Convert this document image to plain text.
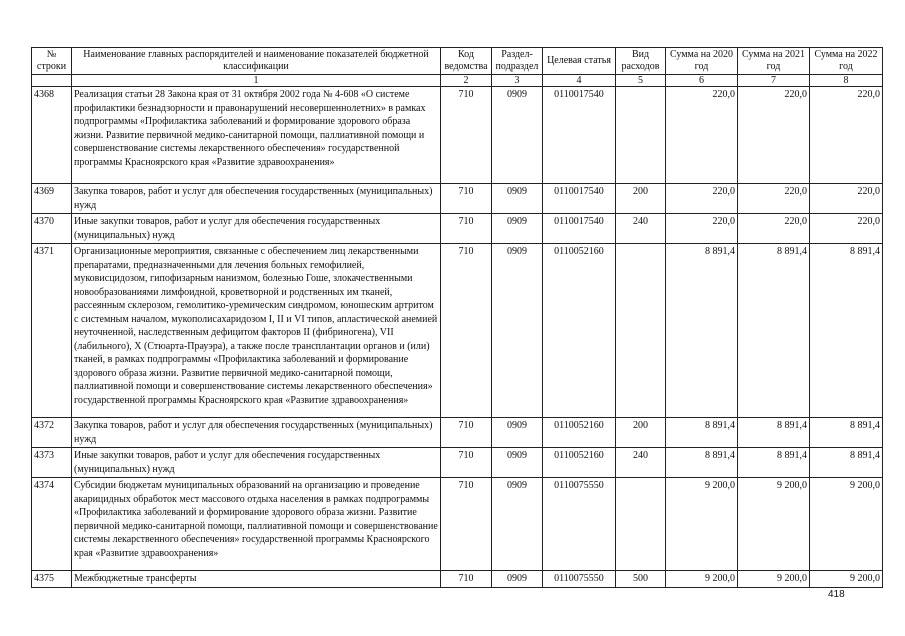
№ строки	Наименование главных распорядителей и наименование показателей бюджетной классификации	Код ведомства	Раздел-подраздел	Целевая статья	Вид расходов	Сумма на 2020 год	Сумма на 2021 год	Сумма на 2022 год
	1	2	3	4	5	6	7	8
4368	Реализация статьи 28 Закона края от 31 октября 2002 года № 4-608 «О системе профилактики безнадзорности и правонарушений несовершеннолетних» в рамках подпрограммы «Профилактика заболеваний и формирование здорового образа жизни. Развитие первичной медико-санитарной помощи, паллиативной помощи и совершенствование системы лекарственного обеспечения» государственной программы Красноярского края «Развитие здравоохранения»	710	0909	0110017540		220,0	220,0	220,0
4369	Закупка товаров, работ и услуг для обеспечения государственных (муниципальных) нужд	710	0909	0110017540	200	220,0	220,0	220,0
4370	Иные закупки товаров, работ и услуг для обеспечения государственных (муниципальных) нужд	710	0909	0110017540	240	220,0	220,0	220,0
4371	Организационные мероприятия, связанные с обеспечением лиц лекарственными препаратами, предназначенными для лечения больных гемофилией, муковисцидозом, гипофизарным нанизмом, болезнью Гоше, злокачественными новообразованиями лимфоидной, кроветворной и родственных им тканей, рассеянным склерозом, гемолитико-уремическим синдромом, юношеским артритом с системным началом, мукополисахаридозом I, II и VI типов, апластической анемией неуточненной, наследственным дефицитом факторов II (фибриногена), VII (лабильного), X (Стюарта-Прауэра), а также после трансплантации органов и (или) тканей, в рамках подпрограммы «Профилактика заболеваний и формирование здорового образа жизни. Развитие первичной медико-санитарной помощи, паллиативной помощи и совершенствование системы лекарственного обеспечения» государственной программы Красноярского края «Развитие здравоохранения»	710	0909	0110052160		8 891,4	8 891,4	8 891,4
4372	Закупка товаров, работ и услуг для обеспечения государственных (муниципальных) нужд	710	0909	0110052160	200	8 891,4	8 891,4	8 891,4
4373	Иные закупки товаров, работ и услуг для обеспечения государственных (муниципальных) нужд	710	0909	0110052160	240	8 891,4	8 891,4	8 891,4
4374	Субсидии бюджетам муниципальных образований на организацию и проведение акарицидных обработок мест массового отдыха населения в рамках подпрограммы «Профилактика заболеваний и формирование здорового образа жизни. Развитие первичной медико-санитарной помощи, паллиативной помощи и совершенствование системы лекарственного обеспечения» государственной программы Красноярского края «Развитие здравоохранения»	710	0909	0110075550		9 200,0	9 200,0	9 200,0
4375	Межбюджетные трансферты	710	0909	0110075550	500	9 200,0	9 200,0	9 200,0
418
